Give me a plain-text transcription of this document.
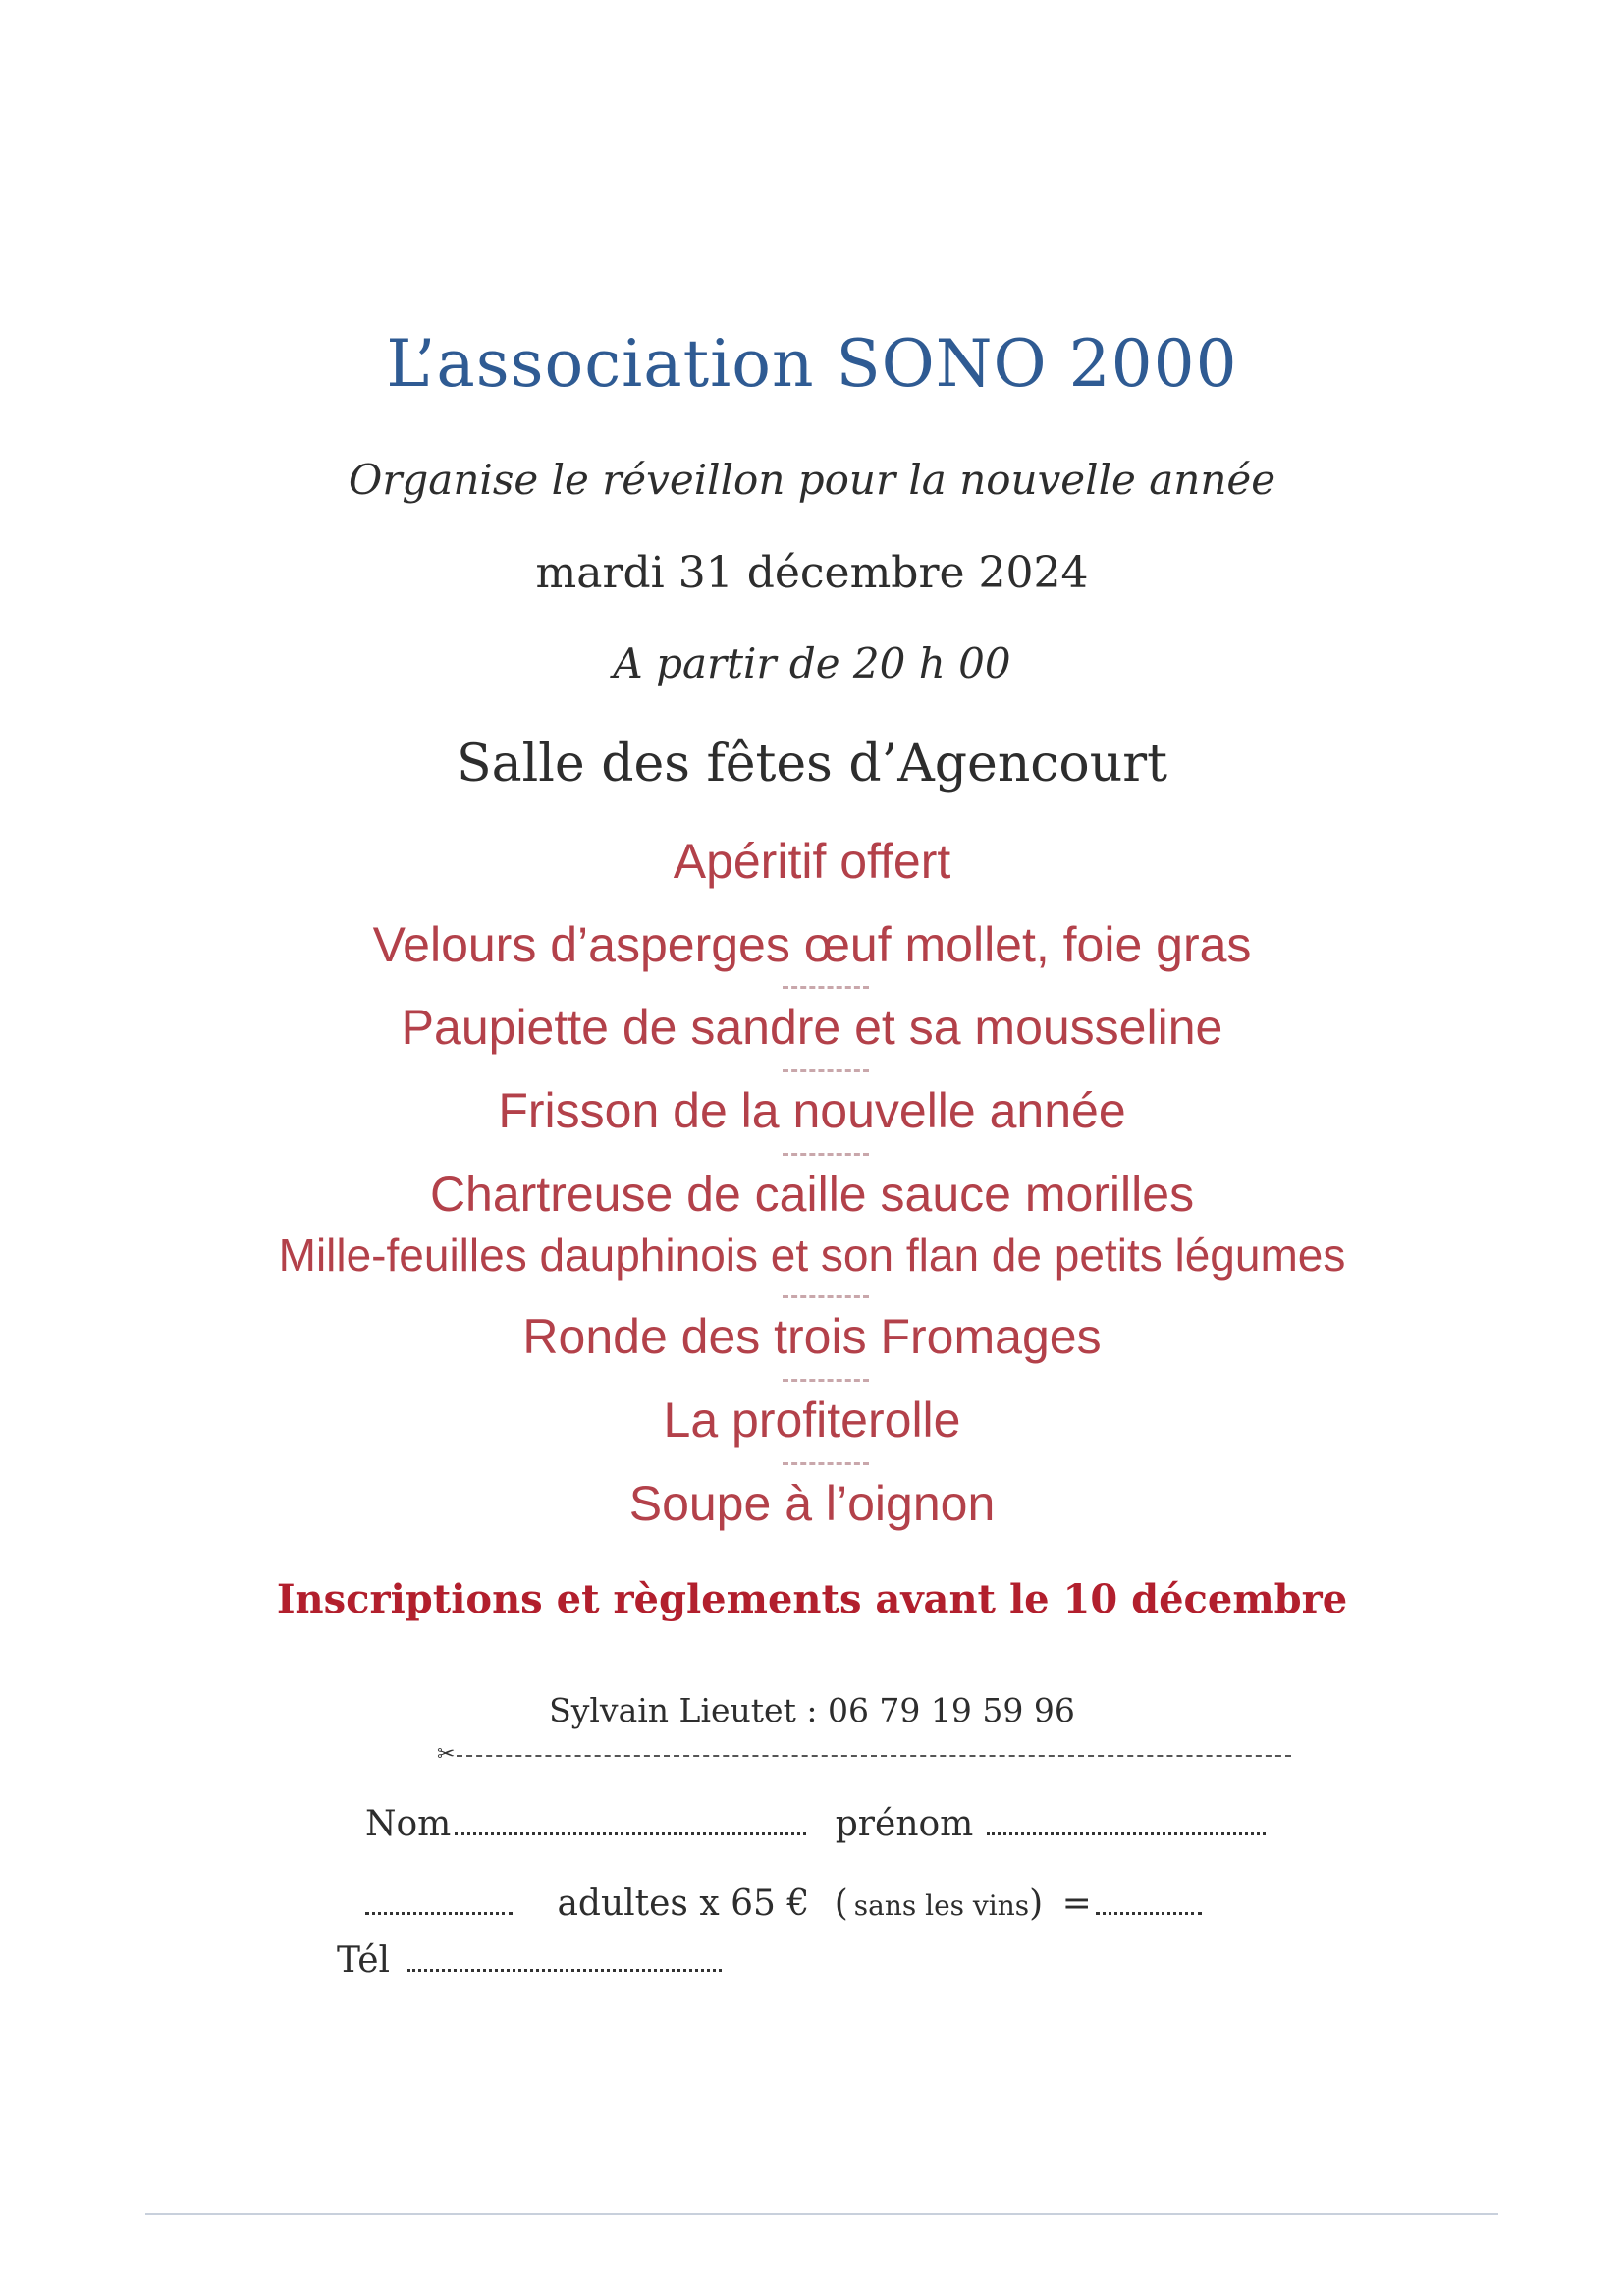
L’association SONO 2000
Organise le réveillon pour la nouvelle année
mardi 31 décembre 2024
A partir de 20 h 00
Salle des fêtes d’Agencourt
Apéritif offert
Velours d’asperges œuf mollet, foie gras
Paupiette de sandre et sa mousseline
Frisson de la nouvelle année
Chartreuse de caille sauce morilles
Mille-feuilles dauphinois et son flan de petits légumes
Ronde des trois Fromages
La profiterolle
Soupe à l’oignon
Inscriptions et règlements avant le 10 décembre
Sylvain Lieutet : 06 79 19 59 96
✂
Nom	prénom
adultes x 65 € ( sans les vins) =
Tél
